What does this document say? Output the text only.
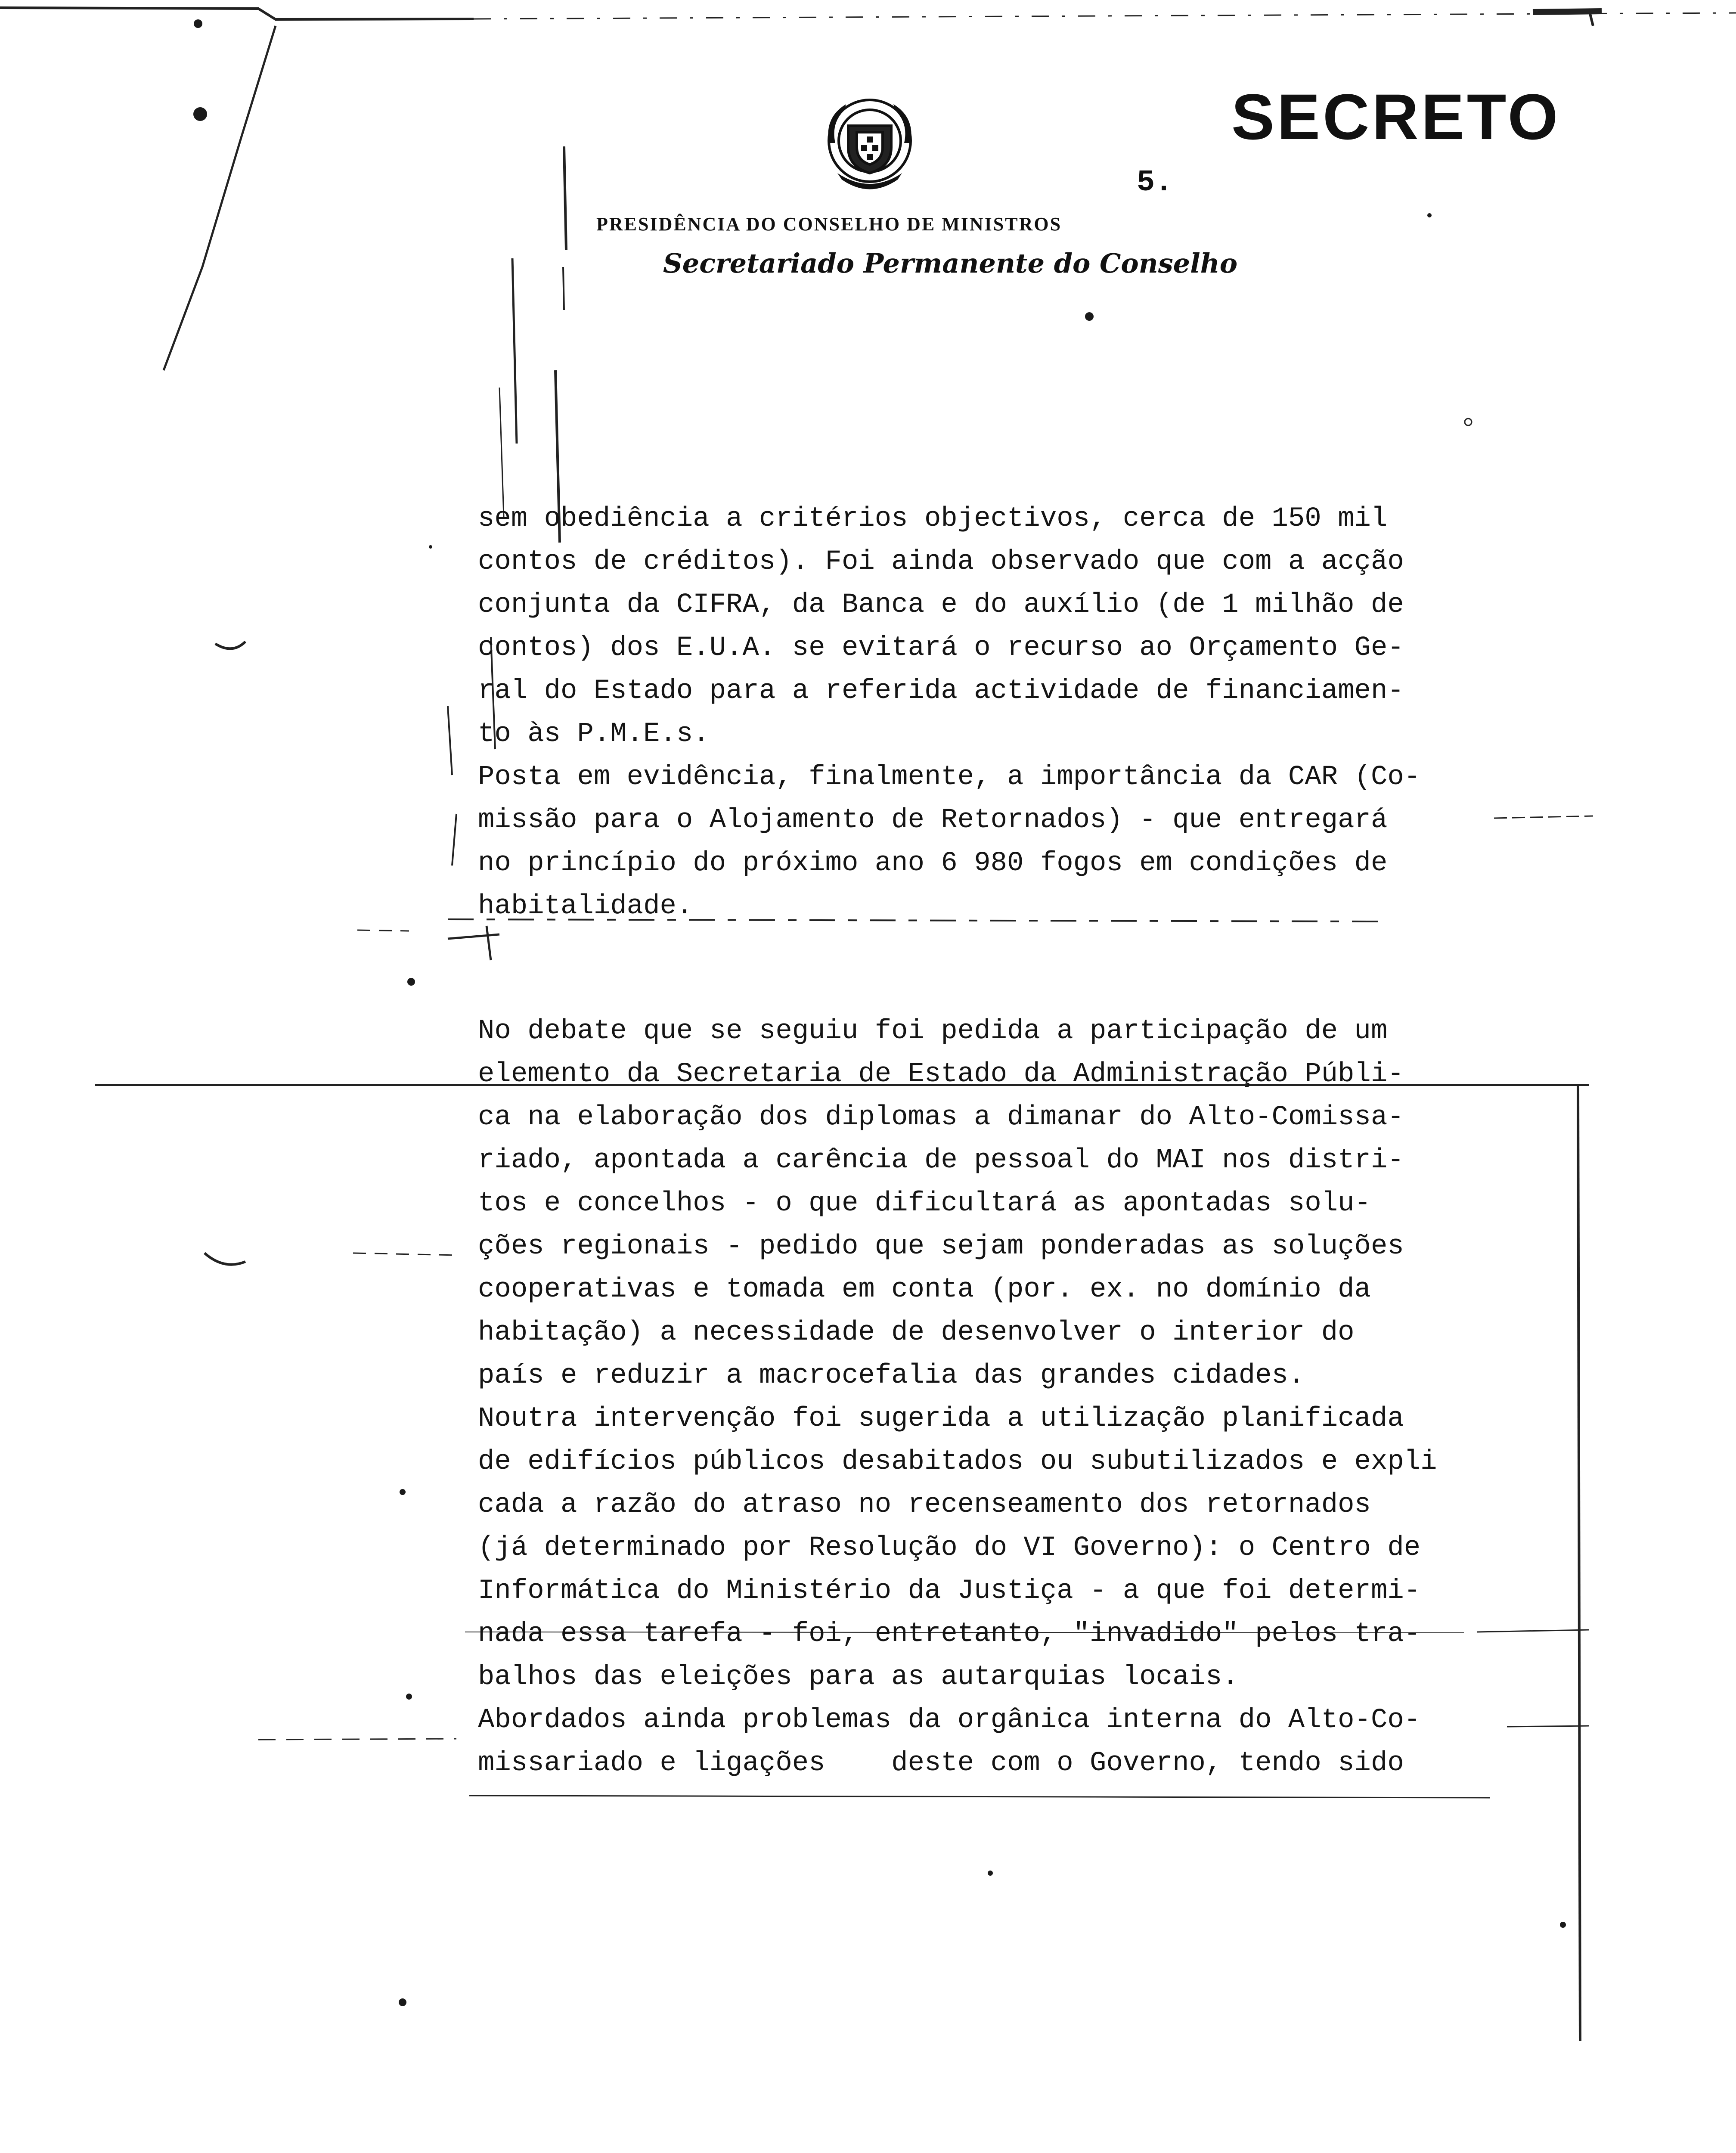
SECRETO
5.
PRESIDÊNCIA DO CONSELHO DE MINISTROS
Secretariado Permanente do Conselho
sem obediência a critérios objectivos, cerca de 150 mil
contos de créditos). Foi ainda observado que com a acção
conjunta da CIFRA, da Banca e do auxílio (de 1 milhão de
contos) dos E.U.A. se evitará o recurso ao Orçamento Ge-
ral do Estado para a referida actividade de financiamen-
to às P.M.E.s.
Posta em evidência, finalmente, a importância da CAR (Co-
missão para o Alojamento de Retornados) - que entregará
no princípio do próximo ano 6 980 fogos em condições de
habitalidade.
No debate que se seguiu foi pedida a participação de um
elemento da Secretaria de Estado da Administração Públi-
ca na elaboração dos diplomas a dimanar do Alto-Comissa-
riado, apontada a carência de pessoal do MAI nos distri-
tos e concelhos - o que dificultará as apontadas solu-
ções regionais - pedido que sejam ponderadas as soluções
cooperativas e tomada em conta (por. ex. no domínio da
habitação) a necessidade de desenvolver o interior do
país e reduzir a macrocefalia das grandes cidades.
Noutra intervenção foi sugerida a utilização planificada
de edifícios públicos desabitados ou subutilizados e expli
cada a razão do atraso no recenseamento dos retornados
(já determinado por Resolução do VI Governo): o Centro de
Informática do Ministério da Justiça - a que foi determi-
nada essa tarefa - foi, entretanto, "invadido" pelos tra-
balhos das eleições para as autarquias locais.
Abordados ainda problemas da orgânica interna do Alto-Co-
missariado e ligações    deste com o Governo, tendo sido
